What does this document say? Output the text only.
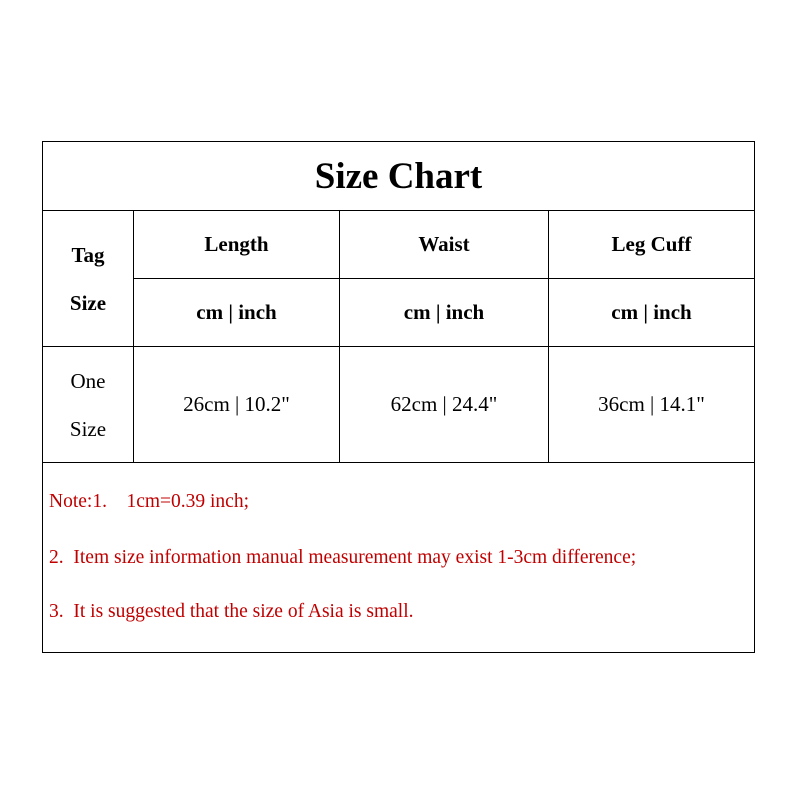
Size Chart
Tag
Size
Length	Waist	Leg Cuff
cm | inch	cm | inch	cm | inch
One
Size
26cm | 10.2"	62cm | 24.4"	36cm | 14.1"
Note:1.    1cm=0.39 inch;
2.  Item size information manual measurement may exist 1-3cm difference;
3.  It is suggested that the size of Asia is small.
